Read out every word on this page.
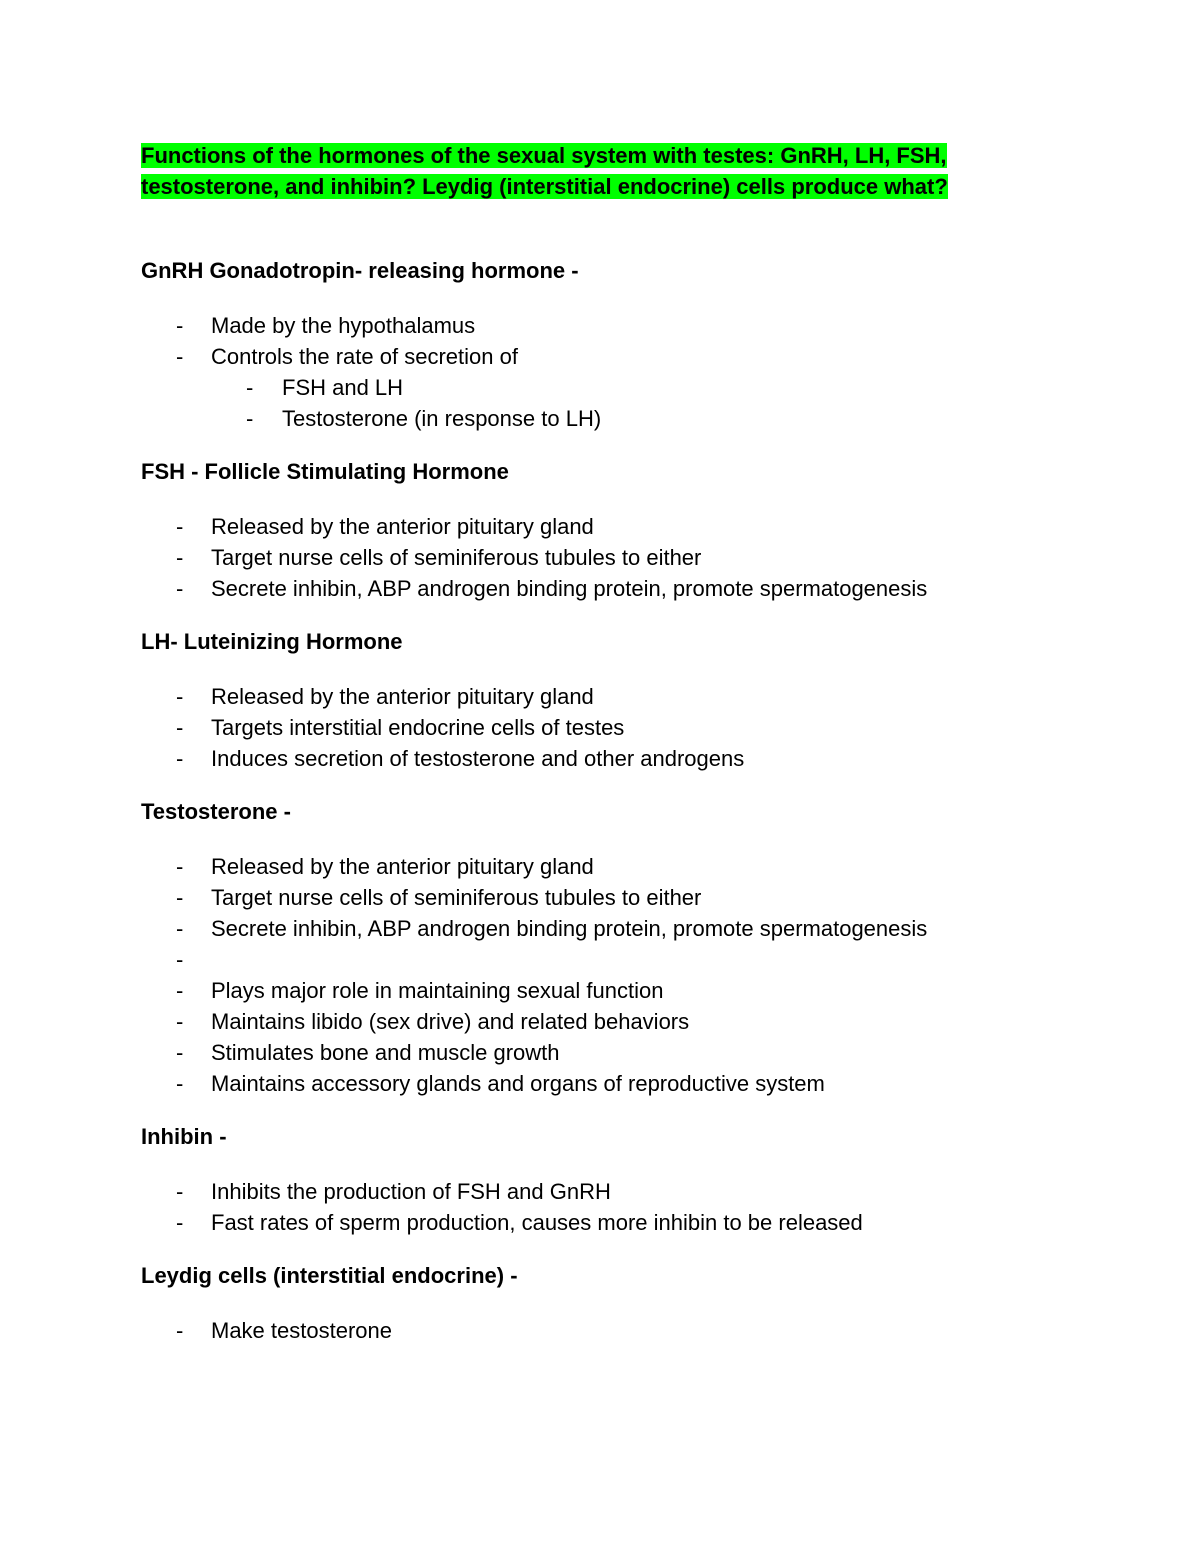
Functions of the hormones of the sexual system with testes: GnRH, LH, FSH,
testosterone, and inhibin? Leydig (interstitial endocrine) cells produce what?

GnRH Gonadotropin- releasing hormone -

- Made by the hypothalamus
- Controls the rate of secretion of
- FSH and LH
- Testosterone (in response to LH)

FSH - Follicle Stimulating Hormone

- Released by the anterior pituitary gland
- Target nurse cells of seminiferous tubules to either
- Secrete inhibin, ABP androgen binding protein, promote spermatogenesis

LH- Luteinizing Hormone

- Released by the anterior pituitary gland
- Targets interstitial endocrine cells of testes
- Induces secretion of testosterone and other androgens

Testosterone -

- Released by the anterior pituitary gland
- Target nurse cells of seminiferous tubules to either
- Secrete inhibin, ABP androgen binding protein, promote spermatogenesis
-
- Plays major role in maintaining sexual function
- Maintains libido (sex drive) and related behaviors
- Stimulates bone and muscle growth
- Maintains accessory glands and organs of reproductive system

Inhibin -

- Inhibits the production of FSH and GnRH
- Fast rates of sperm production, causes more inhibin to be released

Leydig cells (interstitial endocrine) -

- Make testosterone
